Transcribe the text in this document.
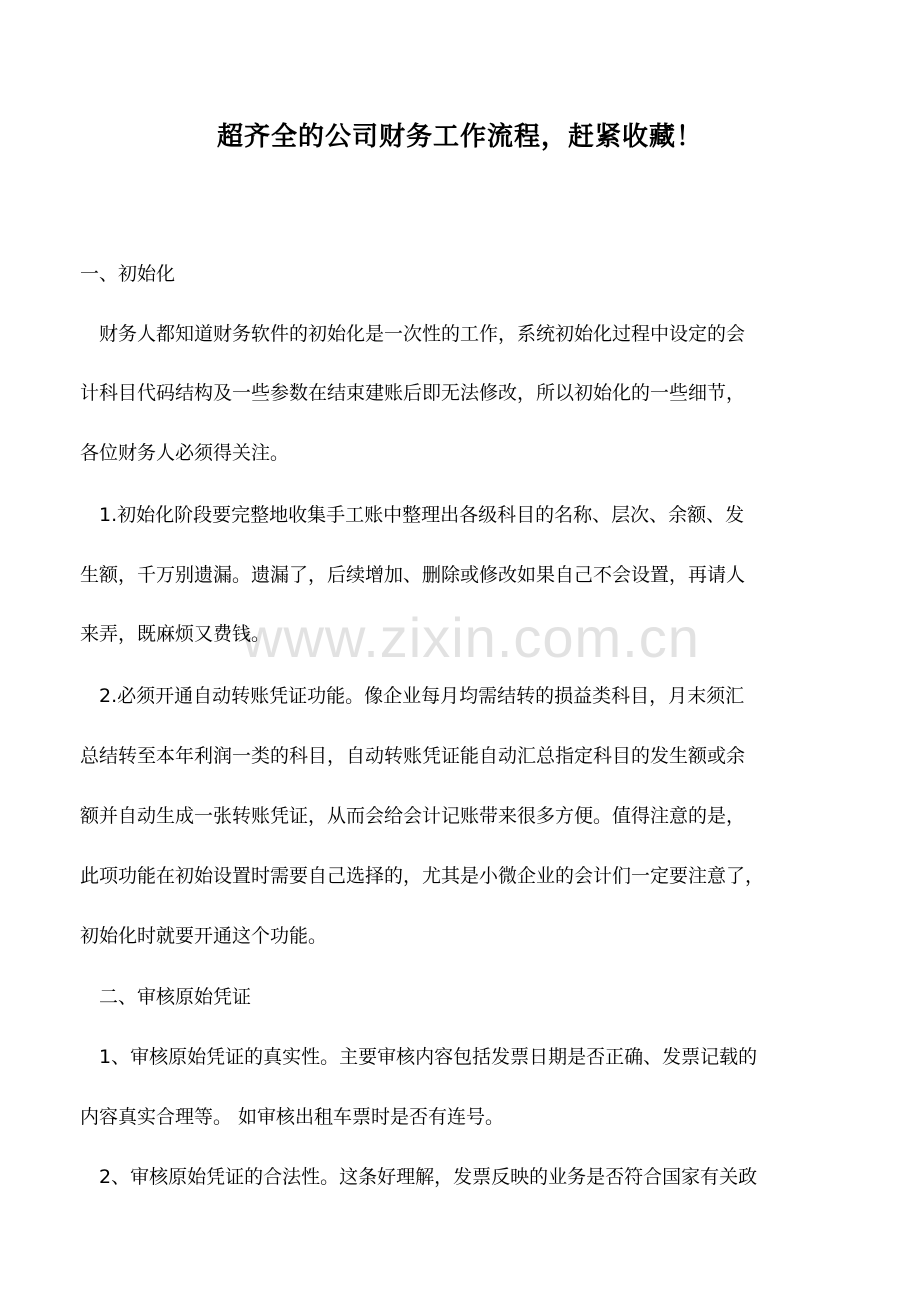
超齐全的公司财务工作流程，赶紧收藏！
www.zixin.com.cn
一、初始化
　财务人都知道财务软件的初始化是一次性的工作，系统初始化过程中设定的会
计科目代码结构及一些参数在结束建账后即无法修改，所以初始化的一些细节，
各位财务人必须得关注。
　1.初始化阶段要完整地收集手工账中整理出各级科目的名称、层次、余额、发
生额，千万别遗漏。遗漏了，后续增加、删除或修改如果自己不会设置，再请人
来弄，既麻烦又费钱。
　2.必须开通自动转账凭证功能。像企业每月均需结转的损益类科目，月末须汇
总结转至本年利润一类的科目，自动转账凭证能自动汇总指定科目的发生额或余
额并自动生成一张转账凭证，从而会给会计记账带来很多方便。值得注意的是，
此项功能在初始设置时需要自己选择的，尤其是小微企业的会计们一定要注意了，
初始化时就要开通这个功能。
　二、审核原始凭证
　1、审核原始凭证的真实性。主要审核内容包括发票日期是否正确、发票记载的
内容真实合理等。 如审核出租车票时是否有连号。
　2、审核原始凭证的合法性。这条好理解，发票反映的业务是否符合国家有关政
